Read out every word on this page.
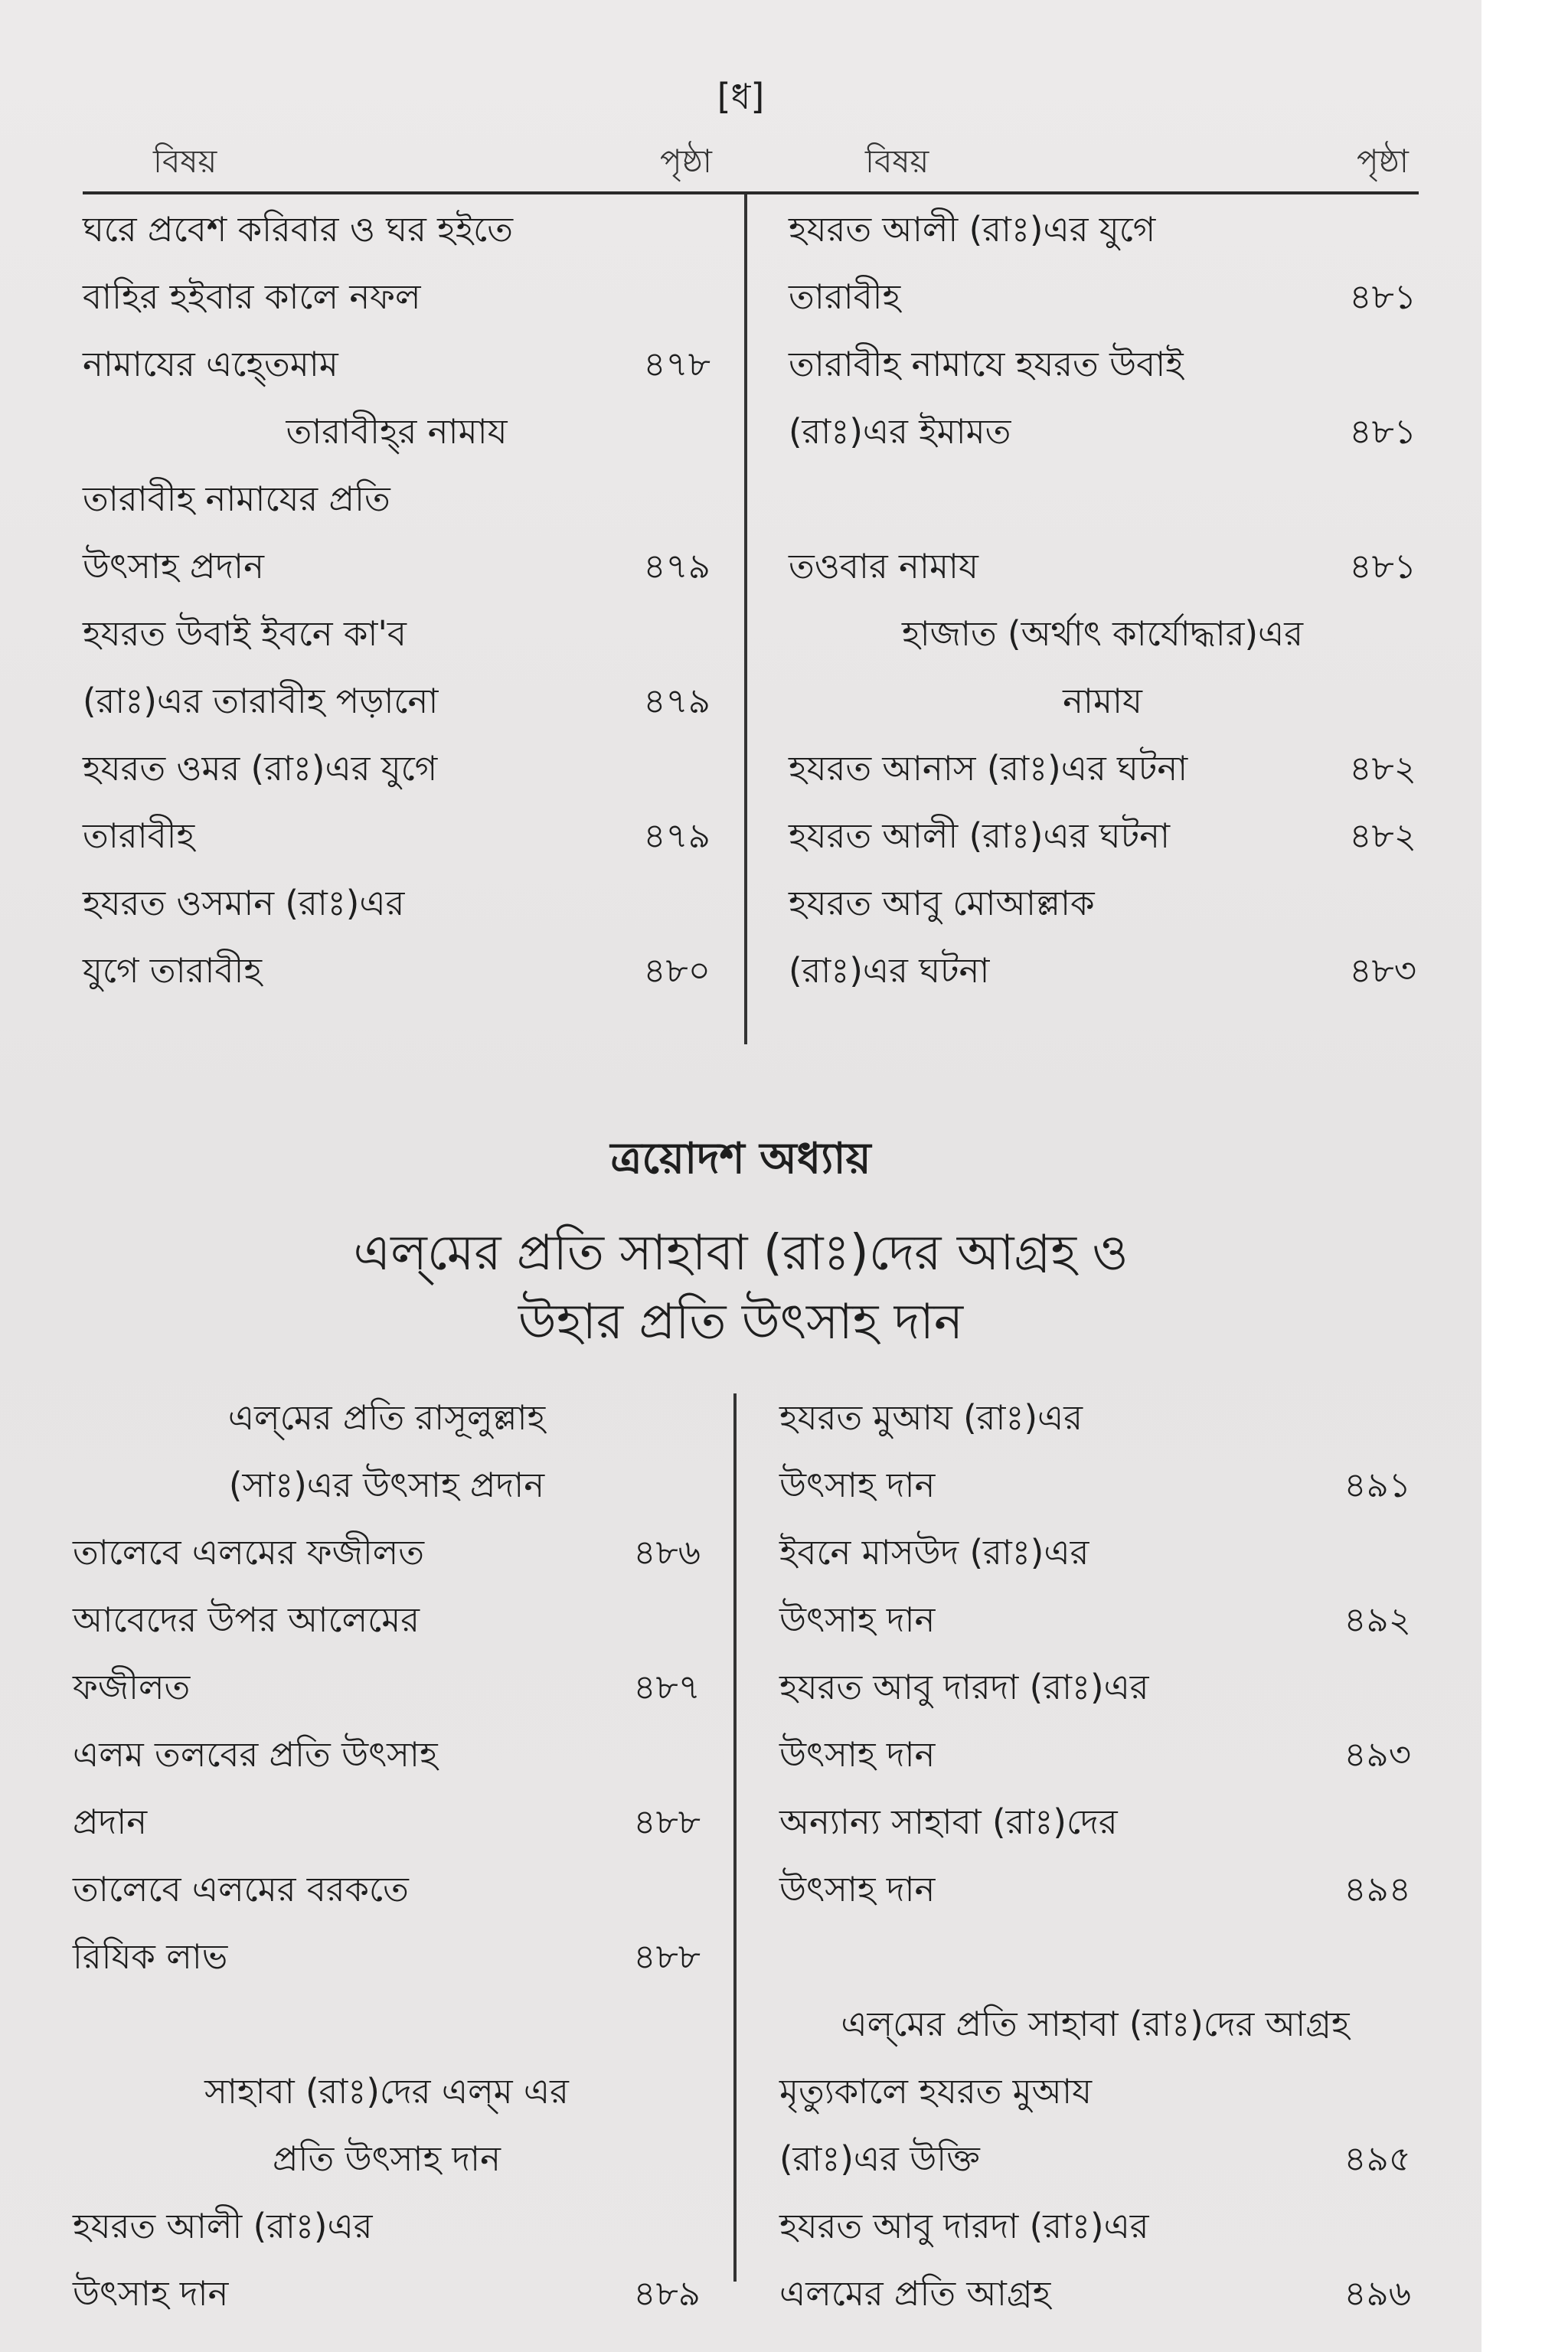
[ধ]
বিষয়	পৃষ্ঠা	বিষয়	পৃষ্ঠা
ঘরে প্রবেশ করিবার ও ঘর হইতে
বাহির হইবার কালে নফল
নামাযের এহ্তেমাম	৪৭৮
তারাবীহ্‌র নামায
তারাবীহ নামাযের প্রতি
উৎসাহ প্রদান	৪৭৯
হযরত উবাই ইবনে কা'ব
(রাঃ)এর তারাবীহ পড়ানো	৪৭৯
হযরত ওমর (রাঃ)এর যুগে
তারাবীহ	৪৭৯
হযরত ওসমান (রাঃ)এর
যুগে তারাবীহ	৪৮০
হযরত আলী (রাঃ)এর যুগে
তারাবীহ	৪৮১
তারাবীহ নামাযে হযরত উবাই
(রাঃ)এর ইমামত	৪৮১
তওবার নামায	৪৮১
হাজাত (অর্থাৎ কার্যোদ্ধার)এর
নামায
হযরত আনাস (রাঃ)এর ঘটনা	৪৮২
হযরত আলী (রাঃ)এর ঘটনা	৪৮২
হযরত আবু মোআল্লাক
(রাঃ)এর ঘটনা	৪৮৩
ত্রয়োদশ অধ্যায়
এল্‌মের প্রতি সাহাবা (রাঃ)দের আগ্রহ ও
উহার প্রতি উৎসাহ দান
এল্‌মের প্রতি রাসূলুল্লাহ
(সাঃ)এর উৎসাহ প্রদান
তালেবে এলমের ফজীলত	৪৮৬
আবেদের উপর আলেমের
ফজীলত	৪৮৭
এলম তলবের প্রতি উৎসাহ
প্রদান	৪৮৮
তালেবে এলমের বরকতে
রিযিক লাভ	৪৮৮
সাহাবা (রাঃ)দের এল্‌ম এর
প্রতি উৎসাহ দান
হযরত আলী (রাঃ)এর
উৎসাহ দান	৪৮৯
হযরত মুআয (রাঃ)এর
উৎসাহ দান	৪৯১
ইবনে মাসউদ (রাঃ)এর
উৎসাহ দান	৪৯২
হযরত আবু দারদা (রাঃ)এর
উৎসাহ দান	৪৯৩
অন্যান্য সাহাবা (রাঃ)দের
উৎসাহ দান	৪৯৪
এল্‌মের প্রতি সাহাবা (রাঃ)দের আগ্রহ
মৃত্যুকালে হযরত মুআয
(রাঃ)এর উক্তি	৪৯৫
হযরত আবু দারদা (রাঃ)এর
এলমের প্রতি আগ্রহ	৪৯৬
